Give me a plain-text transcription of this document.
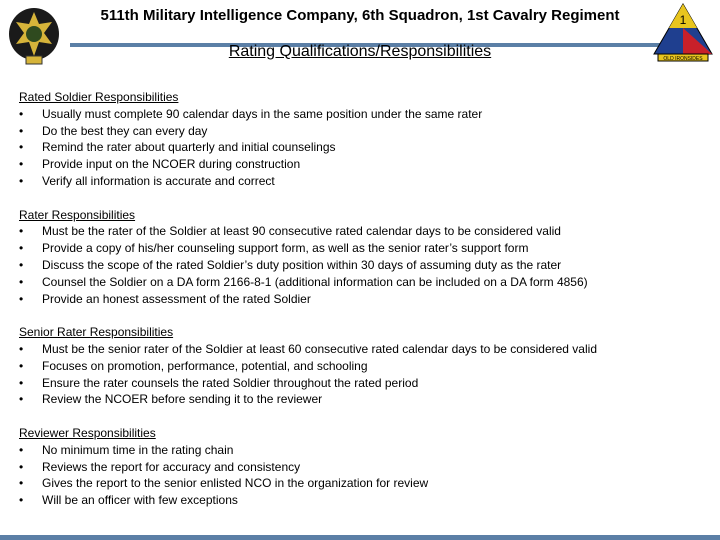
511th Military Intelligence Company, 6th Squadron, 1st Cavalry Regiment
Rating Qualifications/Responsibilities
1
OLD IRONSIDES
Rated Soldier Responsibilities
•	Usually must complete 90 calendar days in the same position under the same rater
•	Do the best they can every day
•	Remind the rater about quarterly and initial counselings
•	Provide input on the NCOER during construction
•	Verify all information is accurate and correct
Rater Responsibilities
•	Must be the rater of the Soldier at least 90 consecutive rated calendar days to be considered valid
•	Provide a copy of his/her counseling support form, as well as the senior rater’s support form
•	Discuss the scope of the rated Soldier’s duty position within 30 days of assuming duty as the rater
•	Counsel the Soldier on a DA form 2166-8-1 (additional information can be included on a DA form 4856)
•	Provide an honest assessment of the rated Soldier
Senior Rater Responsibilities
•	Must be the senior rater of the Soldier at least 60 consecutive rated calendar days to be considered valid
•	Focuses on promotion, performance, potential, and schooling
•	Ensure the rater counsels the rated Soldier throughout the rated period
•	Review the NCOER before sending it to the reviewer
Reviewer Responsibilities
•	No minimum time in the rating chain
•	Reviews the report for accuracy and consistency
•	Gives the report to the senior enlisted NCO in the organization for review
•	Will be an officer with few exceptions
